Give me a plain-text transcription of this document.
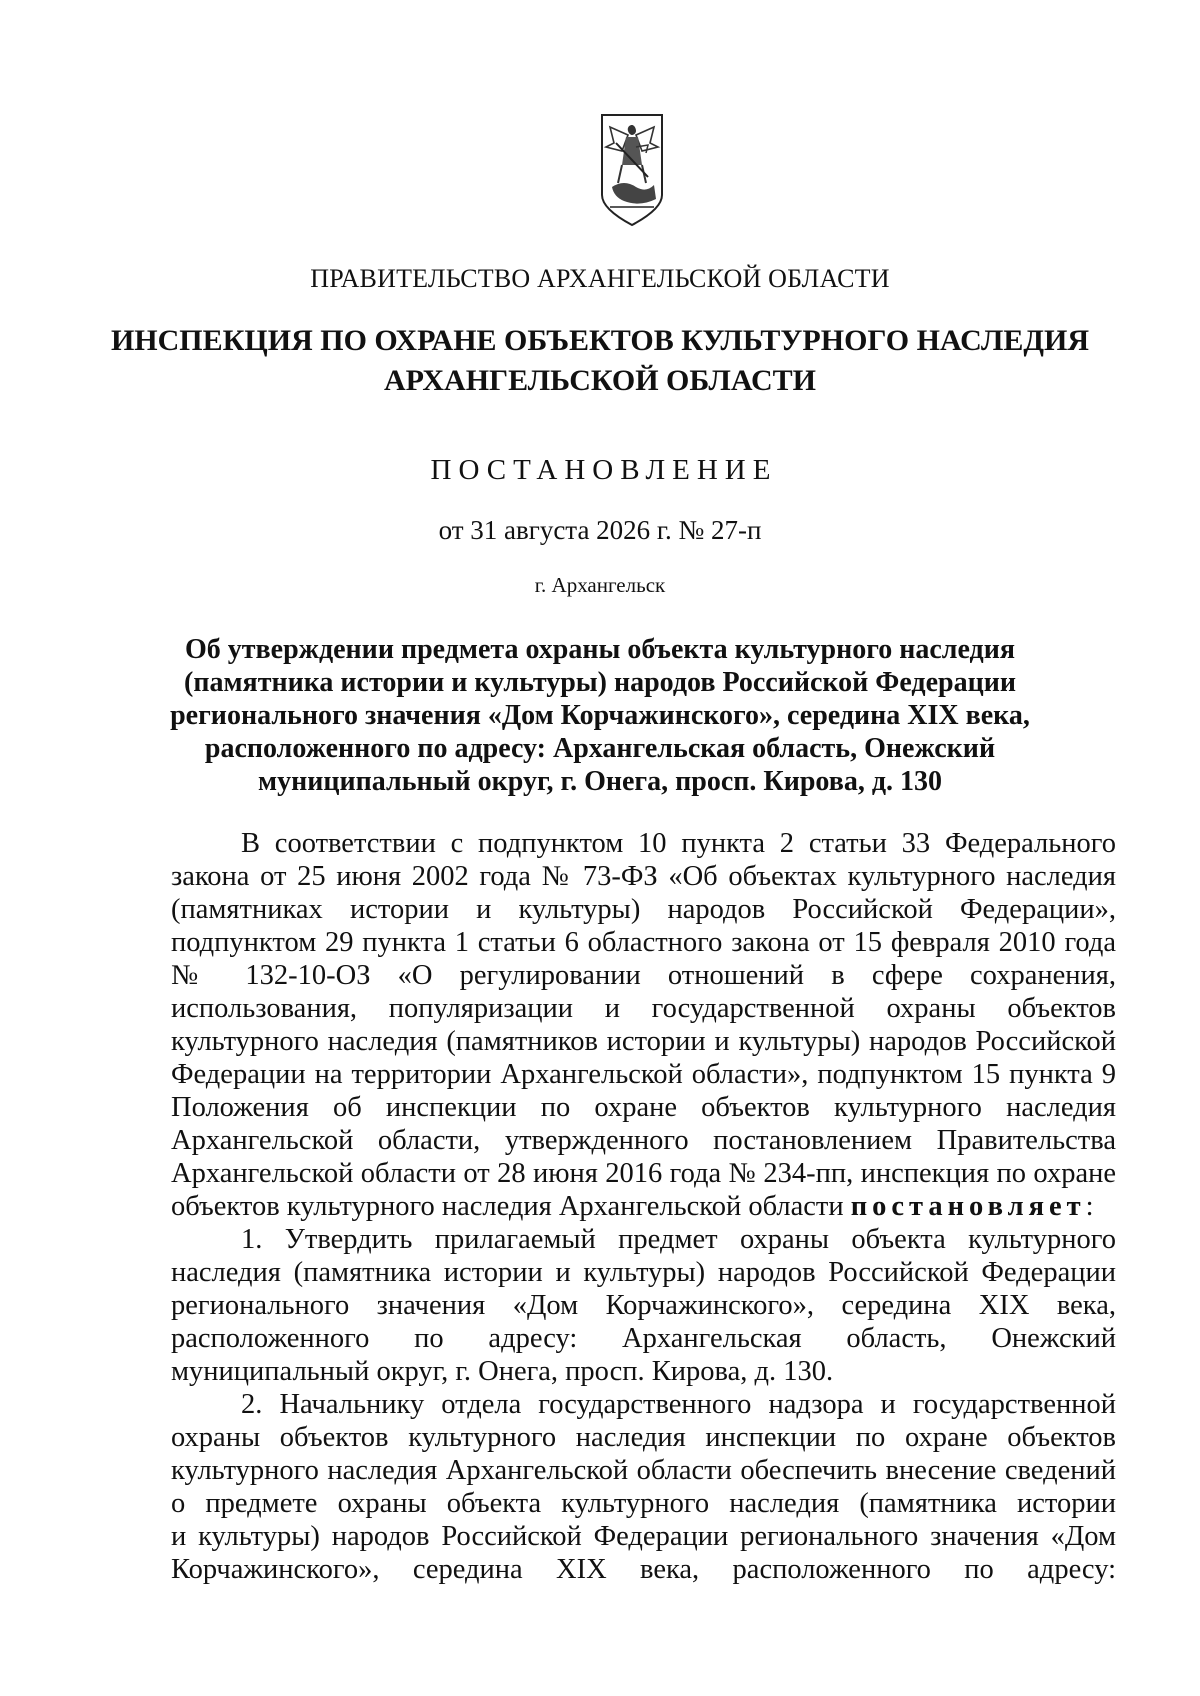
ПРАВИТЕЛЬСТВО АРХАНГЕЛЬСКОЙ ОБЛАСТИ
ИНСПЕКЦИЯ ПО ОХРАНЕ ОБЪЕКТОВ КУЛЬТУРНОГО НАСЛЕДИЯ
АРХАНГЕЛЬСКОЙ ОБЛАСТИ
ПОСТАНОВЛЕНИЕ
от 31 августа 2026 г. № 27-п
г. Архангельск
Об утверждении предмета охраны объекта культурного наследия
(памятника истории и культуры) народов Российской Федерации
регионального значения «Дом Корчажинского», середина XIX века,
расположенного по адресу: Архангельская область, Онежский
муниципальный округ, г. Онега, просп. Кирова, д. 130
В соответствии с подпунктом 10 пункта 2 статьи 33 Федерального
закона от 25 июня 2002 года № 73-ФЗ «Об объектах культурного наследия
(памятниках истории и культуры) народов Российской Федерации»,
подпунктом 29 пункта 1 статьи 6 областного закона от 15 февраля 2010 года
№ 132-10-ОЗ «О регулировании отношений в сфере сохранения,
использования, популяризации и государственной охраны объектов
культурного наследия (памятников истории и культуры) народов Российской
Федерации на территории Архангельской области», подпунктом 15 пункта 9
Положения об инспекции по охране объектов культурного наследия
Архангельской области, утвержденного постановлением Правительства
Архангельской области от 28 июня 2016 года № 234-пп, инспекция по охране
объектов культурного наследия Архангельской области постановляет:
1. Утвердить прилагаемый предмет охраны объекта культурного
наследия (памятника истории и культуры) народов Российской Федерации
регионального значения «Дом Корчажинского», середина XIX века,
расположенного по адресу: Архангельская область, Онежский
муниципальный округ, г. Онега, просп. Кирова, д. 130.
2. Начальнику отдела государственного надзора и государственной
охраны объектов культурного наследия инспекции по охране объектов
культурного наследия Архангельской области обеспечить внесение сведений
о предмете охраны объекта культурного наследия (памятника истории
и культуры) народов Российской Федерации регионального значения «Дом
Корчажинского», середина XIX века, расположенного по адресу:
